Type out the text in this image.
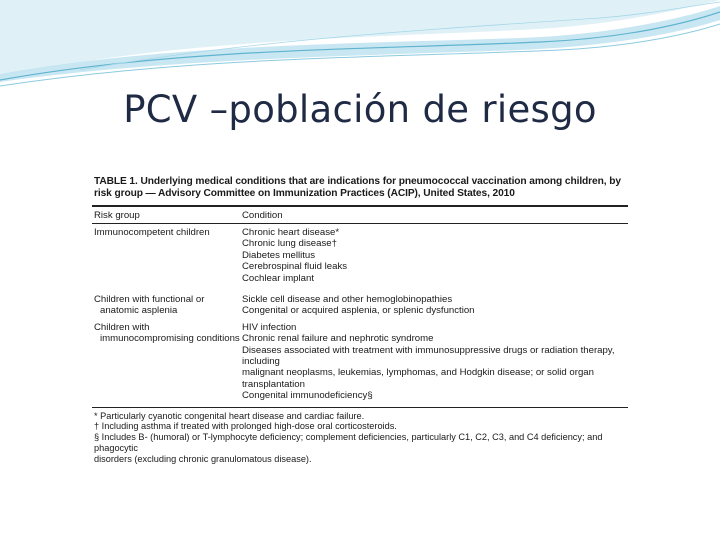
PCV –población de riesgo
TABLE 1. Underlying medical conditions that are indications for pneumococcal vaccination among children, by risk group — Advisory Committee on Immunization Practices (ACIP), United States, 2010
Risk group	Condition
Immunocompetent children	Chronic heart disease*
Chronic lung disease†
Diabetes mellitus
Cerebrospinal fluid leaks
Cochlear implant
Children with functional or
anatomic asplenia
Sickle cell disease and other hemoglobinopathies
Congenital or acquired asplenia, or splenic dysfunction
Children with
immunocompromising conditions
HIV infection
Chronic renal failure and nephrotic syndrome
Diseases associated with treatment with immunosuppressive drugs or radiation therapy, including
malignant neoplasms, leukemias, lymphomas, and Hodgkin disease; or solid organ transplantation
Congenital immunodeficiency§
* Particularly cyanotic congenital heart disease and cardiac failure.
† Including asthma if treated with prolonged high-dose oral corticosteroids.
§ Includes B- (humoral) or T-lymphocyte deficiency; complement deficiencies, particularly C1, C2, C3, and C4 deficiency; and phagocytic
disorders (excluding chronic granulomatous disease).
